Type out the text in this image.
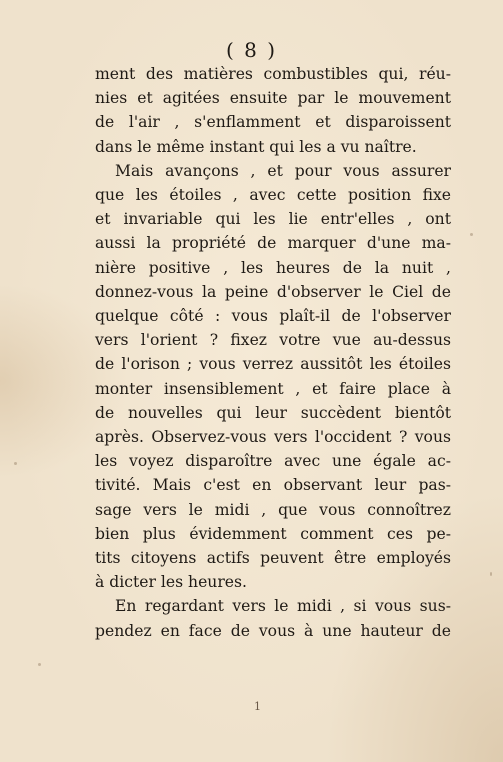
( 8 )
ment des matières combustibles qui, réu-
nies et agitées ensuite par le mouvement
de l'air , s'enflamment et disparoissent
dans le même instant qui les a vu naître.
Mais avançons , et pour vous assurer
que les étoiles , avec cette position fixe
et invariable qui les lie entr'elles , ont
aussi la propriété de marquer d'une ma-
nière positive , les heures de la nuit ,
donnez-vous la peine d'observer le Ciel de
quelque côté : vous plaît-il de l'observer
vers l'orient ? fixez votre vue au-dessus
de l'orison ; vous verrez aussitôt les étoiles
monter insensiblement , et faire place à
de nouvelles qui leur succèdent bientôt
après. Observez-vous vers l'occident ? vous
les voyez disparoître avec une égale ac-
tivité. Mais c'est en observant leur pas-
sage vers le midi , que vous connoîtrez
bien plus évidemment comment ces pe-
tits citoyens actifs peuvent être employés
à dicter les heures.
En regardant vers le midi , si vous sus-
pendez en face de vous à une hauteur de
1
